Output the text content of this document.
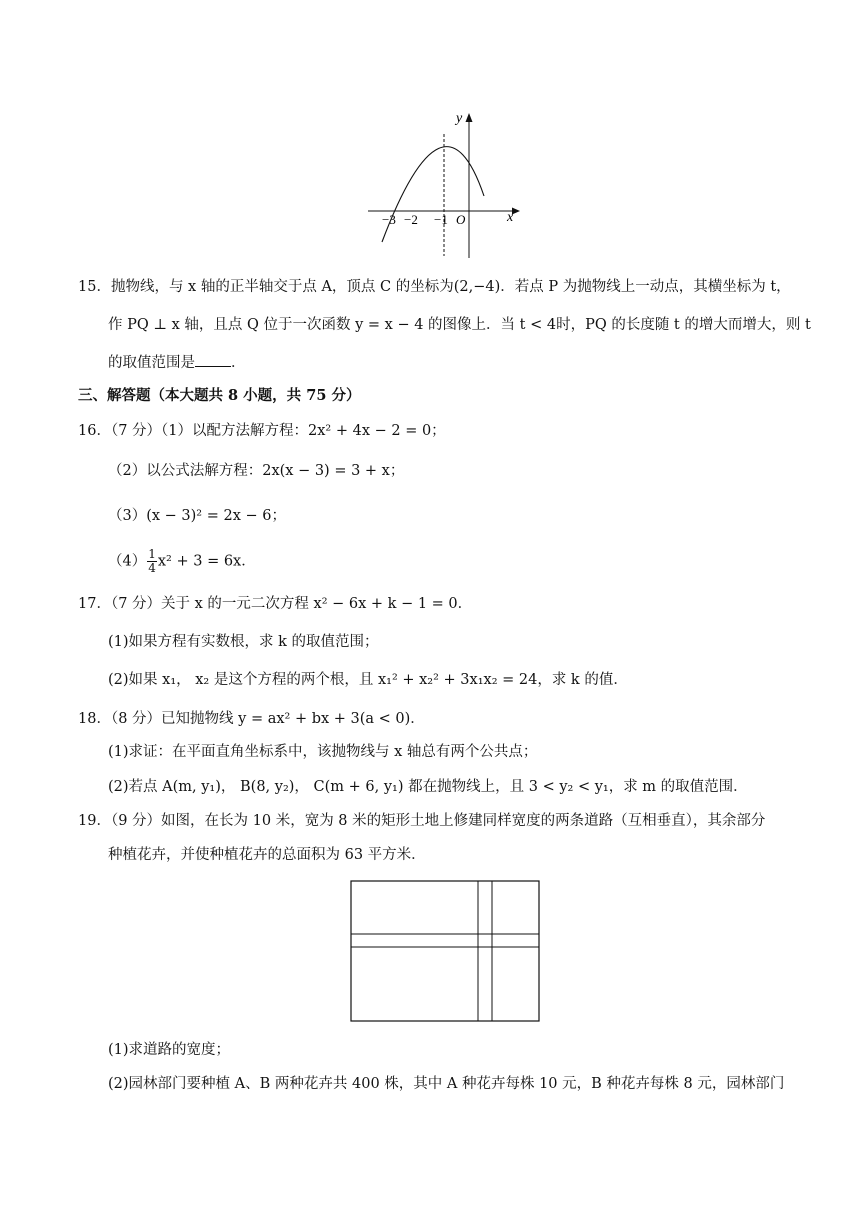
y
x
−3 −2 −1 O
15．抛物线，与 x 轴的正半轴交于点 A，顶点 C 的坐标为(2,−4)．若点 P 为抛物线上一动点，其横坐标为 t，
作 PQ ⊥ x 轴，且点 Q 位于一次函数 y = x − 4 的图像上．当 t < 4时，PQ 的长度随 t 的增大而增大，则 t
的取值范围是 ．
三、解答题（本大题共 8 小题，共 75 分）
16．（7 分）（1）以配方法解方程：2x² + 4x − 2 = 0；
（2）以公式法解方程：2x(x − 3) = 3 + x；
（3）(x − 3)² = 2x − 6；
$(4) \frac{1}{4} x^2 + 3 = 6x$．
17．（7 分）关于 x 的一元二次方程 x² − 6x + k − 1 = 0．
(1)如果方程有实数根，求 k 的取值范围；
(2)如果 x₁， x₂ 是这个方程的两个根，且 x₁² + x₂² + 3x₁x₂ = 24，求 k 的值．
18．（8 分）已知抛物线 y = ax² + bx + 3(a < 0)．
(1)求证：在平面直角坐标系中，该抛物线与 x 轴总有两个公共点；
(2)若点 A(m, y₁)， B(8, y₂)， C(m + 6, y₁) 都在抛物线上，且 3 < y₂ < y₁，求 m 的取值范围．
19．（9 分）如图，在长为 10 米，宽为 8 米的矩形土地上修建同样宽度的两条道路（互相垂直），其余部分
种植花卉，并使种植花卉的总面积为 63 平方米．
(1)求道路的宽度；
(2)园林部门要种植 A、B 两种花卉共 400 株，其中 A 种花卉每株 10 元，B 种花卉每株 8 元，园林部门
